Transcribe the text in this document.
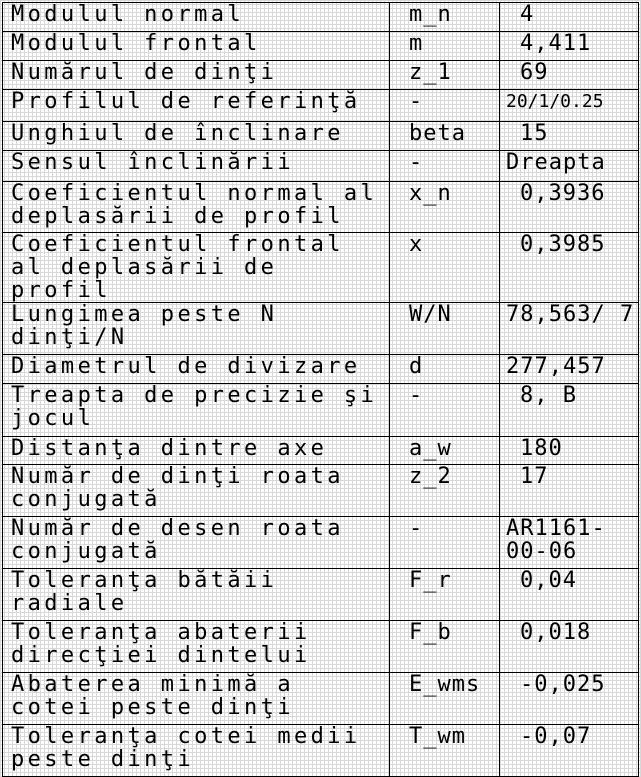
Modulul normal	m_n	4
Modulul frontal	m	4,411
Numărul de dinţi	z_1	69
Profilul de referinţă	-	20/1/0.25
Unghiul de înclinare	beta	15
Sensul înclinării	-	Dreapta
Coeficientul normal al deplasării de profil	x_n	0,3936
Coeficientul frontal al deplasării de profil	x	0,3985
Lungimea peste N dinţi/N	W/N	78,563/ 7
Diametrul de divizare	d	277,457
Treapta de precizie şi jocul	-	8, B
Distanţa dintre axe	a_w	180
Număr de dinţi roata conjugată	z_2	17
Număr de desen roata conjugată	-	AR1161-00-06
Toleranţa bătăii radiale	F_r	0,04
Toleranţa abaterii direcţiei dintelui	F_b	0,018
Abaterea minimă a cotei peste dinţi	E_wms	-0,025
Toleranţa cotei medii peste dinţi	T_wm	-0,07
